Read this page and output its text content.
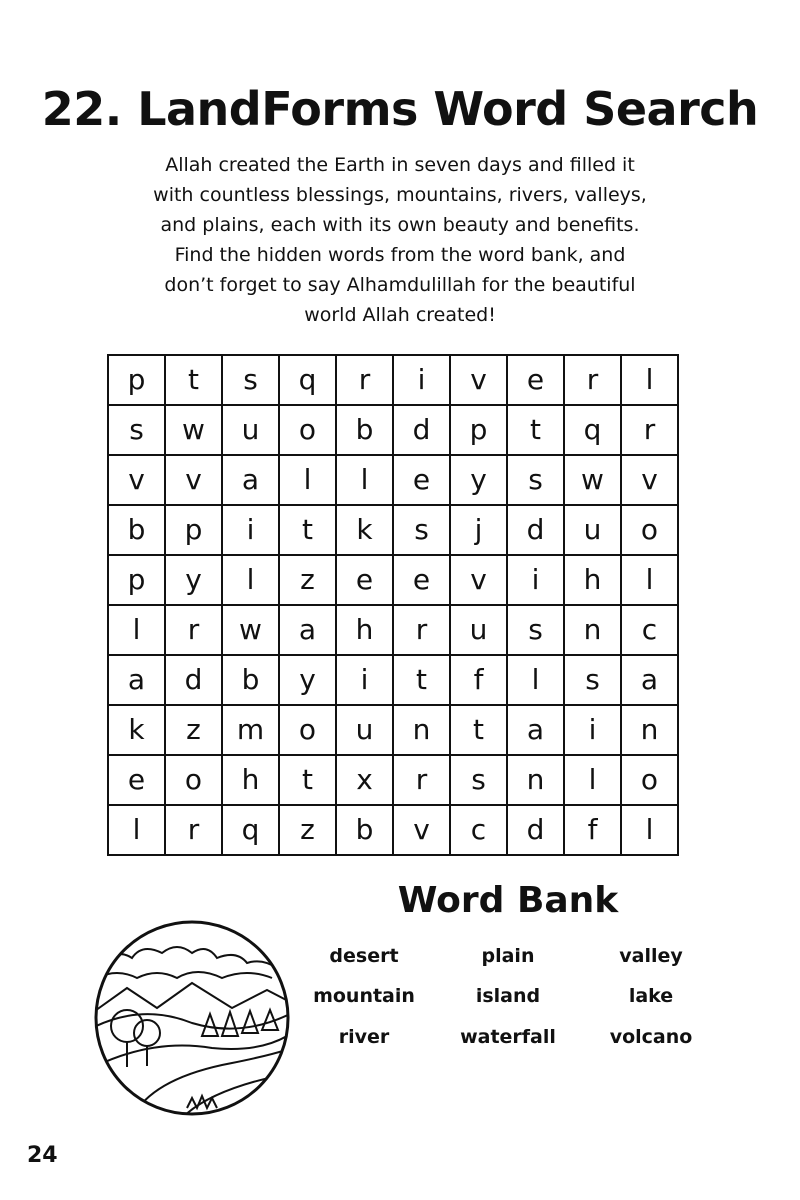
22. LandForms Word Search
Allah created the Earth in seven days and filled it
with countless blessings, mountains, rivers, valleys,
and plains, each with its own beauty and benefits.
Find the hidden words from the word bank, and
don’t forget to say Alhamdulillah for the beautiful
world Allah created!
p	t	s	q	r	i	v	e	r	l
s	w	u	o	b	d	p	t	q	r
v	v	a	l	l	e	y	s	w	v
b	p	i	t	k	s	j	d	u	o
p	y	l	z	e	e	v	i	h	l
l	r	w	a	h	r	u	s	n	c
a	d	b	y	i	t	f	l	s	a
k	z	m	o	u	n	t	a	i	n
e	o	h	t	x	r	s	n	l	o
l	r	q	z	b	v	c	d	f	l
Word Bank
desert	plain	valley
mountain	island	lake
river	waterfall	volcano
24
